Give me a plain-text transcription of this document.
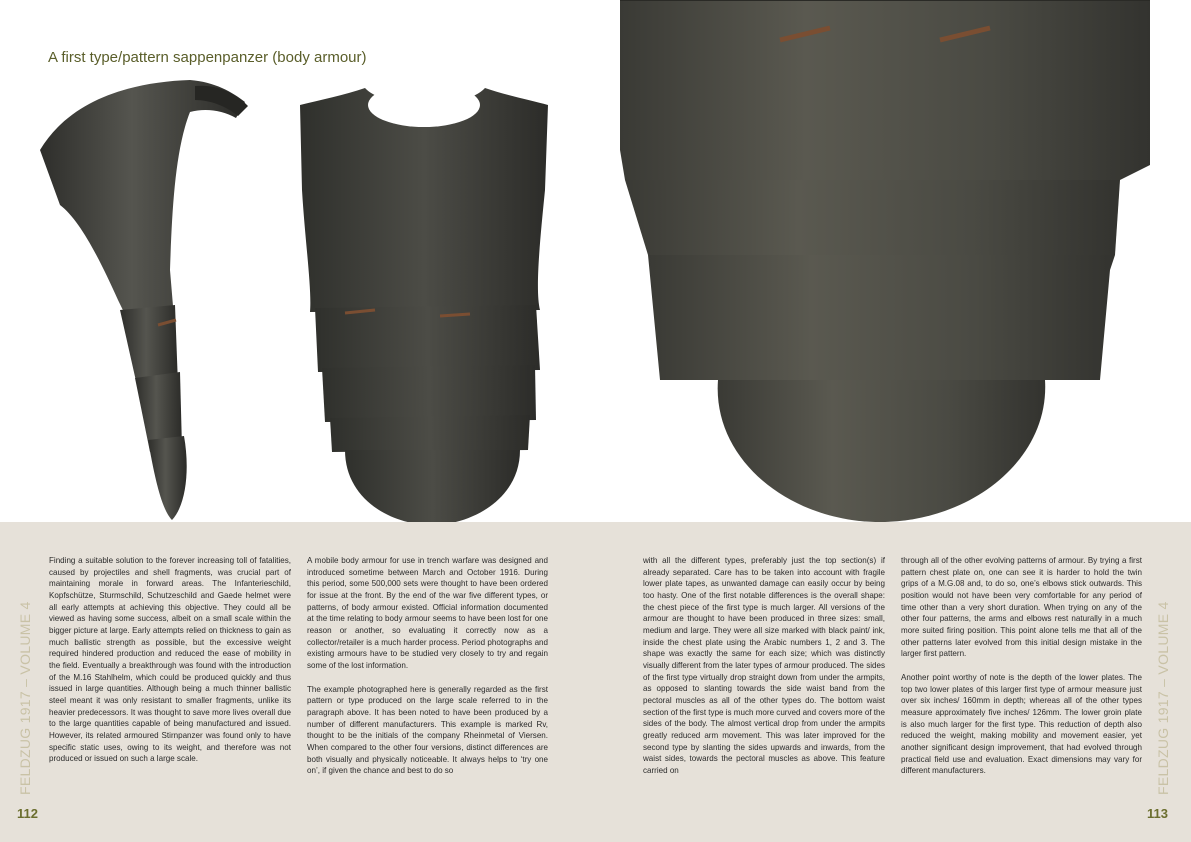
A first type/pattern sappenpanzer (body armour)

Finding a suitable solution to the forever increasing toll of fatalities, caused by projectiles and shell fragments, was crucial part of maintaining morale in forward areas. The Infanterieschild, Kopfschütze, Sturmschild, Schutzeschild and Gaede helmet were all early attempts at achieving this objective. They could all be viewed as having some success, albeit on a small scale within the bigger picture at large. Early attempts relied on thickness to gain as much ballistic strength as possible, but the excessive weight required hindered production and reduced the ease of mobility in the field. Eventually a breakthrough was found with the introduction of the M.16 Stahlhelm, which could be produced quickly and thus issued in large quantities. Although being a much thinner ballistic steel meant it was only resistant to smaller fragments, unlike its heavier predecessors. It was thought to save more lives overall due to the large quantities capable of being manufactured and issued. However, its related armoured Stirnpanzer was found only to have specific static uses, owing to its weight, and therefore was not produced or issued on such a large scale.

A mobile body armour for use in trench warfare was designed and introduced sometime between March and October 1916. During this period, some 500,000 sets were thought to have been ordered for issue at the front. By the end of the war five different types, or patterns, of body armour existed. Official information documented at the time relating to body armour seems to have been lost for one reason or another, so evaluating it correctly now as a collector/retailer is a much harder process. Period photographs and existing armours have to be studied very closely to try and regain some of the lost information.

The example photographed here is generally regarded as the first pattern or type produced on the large scale referred to in the paragraph above. It has been noted to have been produced by a number of different manufacturers. This example is marked Rv, thought to be the initials of the company Rheinmetal of Viersen. When compared to the other four versions, distinct differences are both visually and physically noticeable. It always helps to ‘try one on’, if given the chance and best to do so

with all the different types, preferably just the top section(s) if already separated. Care has to be taken into account with fragile lower plate tapes, as unwanted damage can easily occur by being too hasty. One of the first notable differences is the overall shape: the chest piece of the first type is much larger. All versions of the armour are thought to have been produced in three sizes: small, medium and large. They were all size marked with black paint/ ink, inside the chest plate using the Arabic numbers 1, 2 and 3. The shape was exactly the same for each size; which was distinctly visually different from the later types of armour produced. The sides of the first type virtually drop straight down from under the armpits, as opposed to slanting towards the side waist band from the pectoral muscles as all of the other types do. The bottom waist section of the first type is much more curved and covers more of the sides of the body. The almost vertical drop from under the armpits greatly reduced arm movement. This was later improved for the second type by slanting the sides upwards and inwards, from the waist sides, towards the pectoral muscles as above. This feature carried on

through all of the other evolving patterns of armour. By trying a first pattern chest plate on, one can see it is harder to hold the twin grips of a M.G.08 and, to do so, one’s elbows stick outwards. This position would not have been very comfortable for any period of time other than a very short duration. When trying on any of the other four patterns, the arms and elbows rest naturally in a much more suited firing position. This point alone tells me that all of the other patterns later evolved from this initial design mistake in the larger first pattern.

Another point worthy of note is the depth of the lower plates. The top two lower plates of this larger first type of armour measure just over six inches/ 160mm in depth; whereas all of the other types measure approximately five inches/ 126mm. The lower groin plate is also much larger for the first type. This reduction of depth also reduced the weight, making mobility and movement easier, yet another significant design improvement, that had evolved through practical field use and evaluation. Exact dimensions may vary for different manufacturers.

FELDZUG 1917 – VOLUME 4	FELDZUG 1917 – VOLUME 4
112	113
